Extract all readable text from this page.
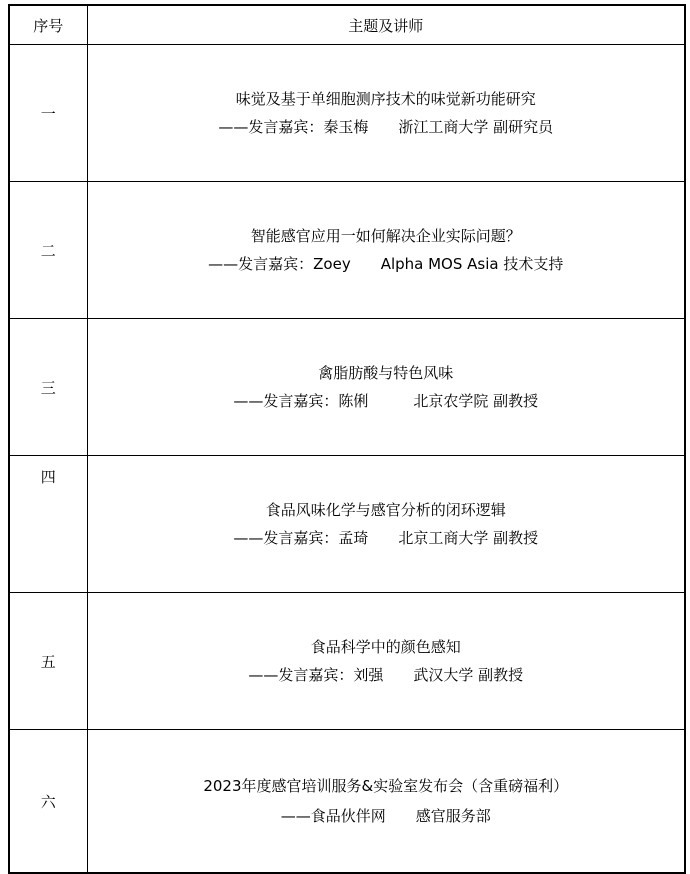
序号	主题及讲师
一	味觉及基于单细胞测序技术的味觉新功能研究
——发言嘉宾：秦玉梅　　浙江工商大学 副研究员

二	智能感官应用一如何解决企业实际问题？
——发言嘉宾：Zoey　　Alpha MOS Asia 技术支持

三	禽脂肪酸与特色风味
——发言嘉宾：陈俐　　　北京农学院 副教授

四	食品风味化学与感官分析的闭环逻辑
——发言嘉宾：孟琦　　北京工商大学 副教授

五	食品科学中的颜色感知
——发言嘉宾：刘强　　武汉大学 副教授

六	2023年度感官培训服务&实验室发布会（含重磅福利）
——食品伙伴网　　感官服务部
